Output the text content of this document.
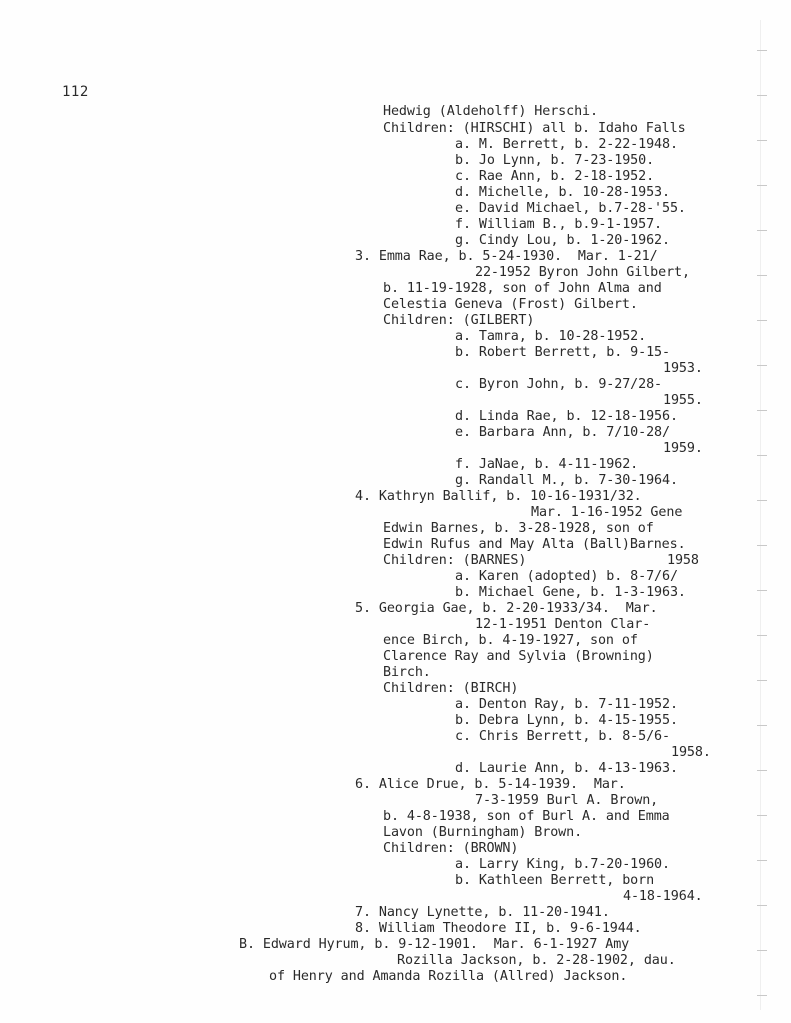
112
Hedwig (Aldeholff) Herschi.
Children: (HIRSCHI) all b. Idaho Falls
a. M. Berrett, b. 2-22-1948.
b. Jo Lynn, b. 7-23-1950.
c. Rae Ann, b. 2-18-1952.
d. Michelle, b. 10-28-1953.
e. David Michael, b.7-28-'55.
f. William B., b.9-1-1957.
g. Cindy Lou, b. 1-20-1962.
3. Emma Rae, b. 5-24-1930.  Mar. 1-21/
22-1952 Byron John Gilbert,
b. 11-19-1928, son of John Alma and
Celestia Geneva (Frost) Gilbert.
Children: (GILBERT)
a. Tamra, b. 10-28-1952.
b. Robert Berrett, b. 9-15-
1953.
c. Byron John, b. 9-27/28-
1955.
d. Linda Rae, b. 12-18-1956.
e. Barbara Ann, b. 7/10-28/
1959.
f. JaNae, b. 4-11-1962.
g. Randall M., b. 7-30-1964.
4. Kathryn Ballif, b. 10-16-1931/32.
Mar. 1-16-1952 Gene
Edwin Barnes, b. 3-28-1928, son of
Edwin Rufus and May Alta (Ball)Barnes.
Children: (BARNES)	1958
a. Karen (adopted) b. 8-7/6/
b. Michael Gene, b. 1-3-1963.
5. Georgia Gae, b. 2-20-1933/34.  Mar.
12-1-1951 Denton Clar-
ence Birch, b. 4-19-1927, son of
Clarence Ray and Sylvia (Browning)
Birch.
Children: (BIRCH)
a. Denton Ray, b. 7-11-1952.
b. Debra Lynn, b. 4-15-1955.
c. Chris Berrett, b. 8-5/6-
1958.
d. Laurie Ann, b. 4-13-1963.
6. Alice Drue, b. 5-14-1939.  Mar.
7-3-1959 Burl A. Brown,
b. 4-8-1938, son of Burl A. and Emma
Lavon (Burningham) Brown.
Children: (BROWN)
a. Larry King, b.7-20-1960.
b. Kathleen Berrett, born
4-18-1964.
7. Nancy Lynette, b. 11-20-1941.
8. William Theodore II, b. 9-6-1944.
B. Edward Hyrum, b. 9-12-1901.  Mar. 6-1-1927 Amy
Rozilla Jackson, b. 2-28-1902, dau.
of Henry and Amanda Rozilla (Allred) Jackson.
